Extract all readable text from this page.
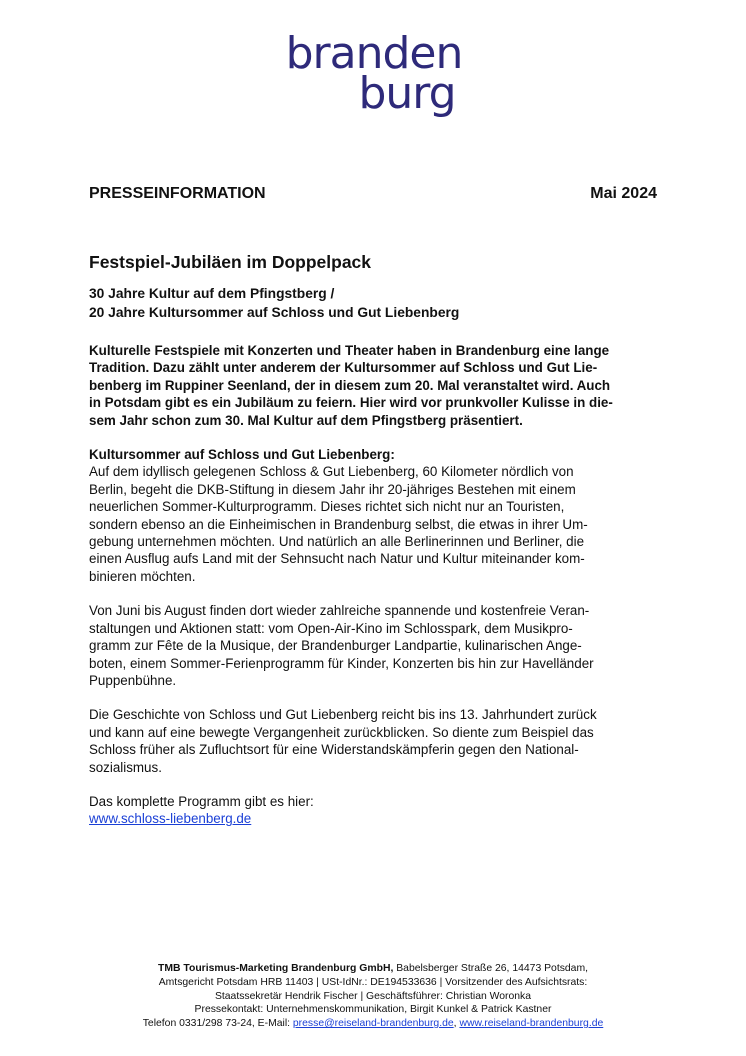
branden
burg
PRESSEINFORMATION	Mai 2024
Festspiel-Jubiläen im Doppelpack
30 Jahre Kultur auf dem Pfingstberg /
20 Jahre Kultursommer auf Schloss und Gut Liebenberg
Kulturelle Festspiele mit Konzerten und Theater haben in Brandenburg eine lange
Tradition. Dazu zählt unter anderem der Kultursommer auf Schloss und Gut Lie-
benberg im Ruppiner Seenland, der in diesem zum 20. Mal veranstaltet wird. Auch
in Potsdam gibt es ein Jubiläum zu feiern. Hier wird vor prunkvoller Kulisse in die-
sem Jahr schon zum 30. Mal Kultur auf dem Pfingstberg präsentiert.

Kultursommer auf Schloss und Gut Liebenberg:
Auf dem idyllisch gelegenen Schloss & Gut Liebenberg, 60 Kilometer nördlich von
Berlin, begeht die DKB-Stiftung in diesem Jahr ihr 20-jähriges Bestehen mit einem
neuerlichen Sommer-Kulturprogramm. Dieses richtet sich nicht nur an Touristen,
sondern ebenso an die Einheimischen in Brandenburg selbst, die etwas in ihrer Um-
gebung unternehmen möchten. Und natürlich an alle Berlinerinnen und Berliner, die
einen Ausflug aufs Land mit der Sehnsucht nach Natur und Kultur miteinander kom-
binieren möchten.

Von Juni bis August finden dort wieder zahlreiche spannende und kostenfreie Veran-
staltungen und Aktionen statt: vom Open-Air-Kino im Schlosspark, dem Musikpro-
gramm zur Fête de la Musique, der Brandenburger Landpartie, kulinarischen Ange-
boten, einem Sommer-Ferienprogramm für Kinder, Konzerten bis hin zur Havelländer
Puppenbühne.

Die Geschichte von Schloss und Gut Liebenberg reicht bis ins 13. Jahrhundert zurück
und kann auf eine bewegte Vergangenheit zurückblicken. So diente zum Beispiel das
Schloss früher als Zufluchtsort für eine Widerstandskämpferin gegen den National-
sozialismus.

Das komplette Programm gibt es hier:
www.schloss-liebenberg.de

TMB Tourismus-Marketing Brandenburg GmbH, Babelsberger Straße 26, 14473 Potsdam,
Amtsgericht Potsdam HRB 11403 | USt-IdNr.: DE194533636 | Vorsitzender des Aufsichtsrats:
Staatssekretär Hendrik Fischer | Geschäftsführer: Christian Woronka
Pressekontakt: Unternehmenskommunikation, Birgit Kunkel & Patrick Kastner
Telefon 0331/298 73-24, E-Mail: presse@reiseland-brandenburg.de, www.reiseland-brandenburg.de
